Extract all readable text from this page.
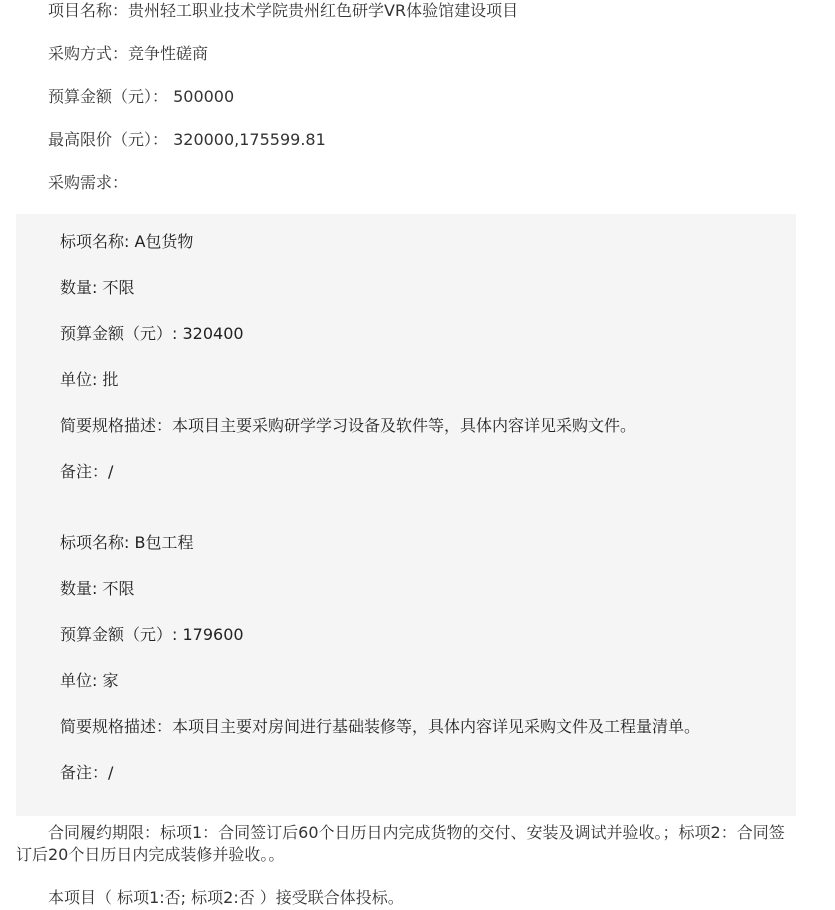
项目名称：贵州轻工职业技术学院贵州红色研学VR体验馆建设项目
采购方式：竞争性磋商
预算金额（元）： 500000
最高限价（元）： 320000,175599.81
采购需求：
标项名称: A包货物
数量: 不限
预算金额（元）: 320400
单位: 批
简要规格描述：本项目主要采购研学学习设备及软件等，具体内容详见采购文件。
备注：/
标项名称: B包工程
数量: 不限
预算金额（元）: 179600
单位: 家
简要规格描述：本项目主要对房间进行基础装修等，具体内容详见采购文件及工程量清单。
备注：/
合同履约期限：标项1：合同签订后60个日历日内完成货物的交付、安装及调试并验收。；标项2：合同签订后20个日历日内完成装修并验收。。
本项目（ 标项1:否; 标项2:否 ）接受联合体投标。
